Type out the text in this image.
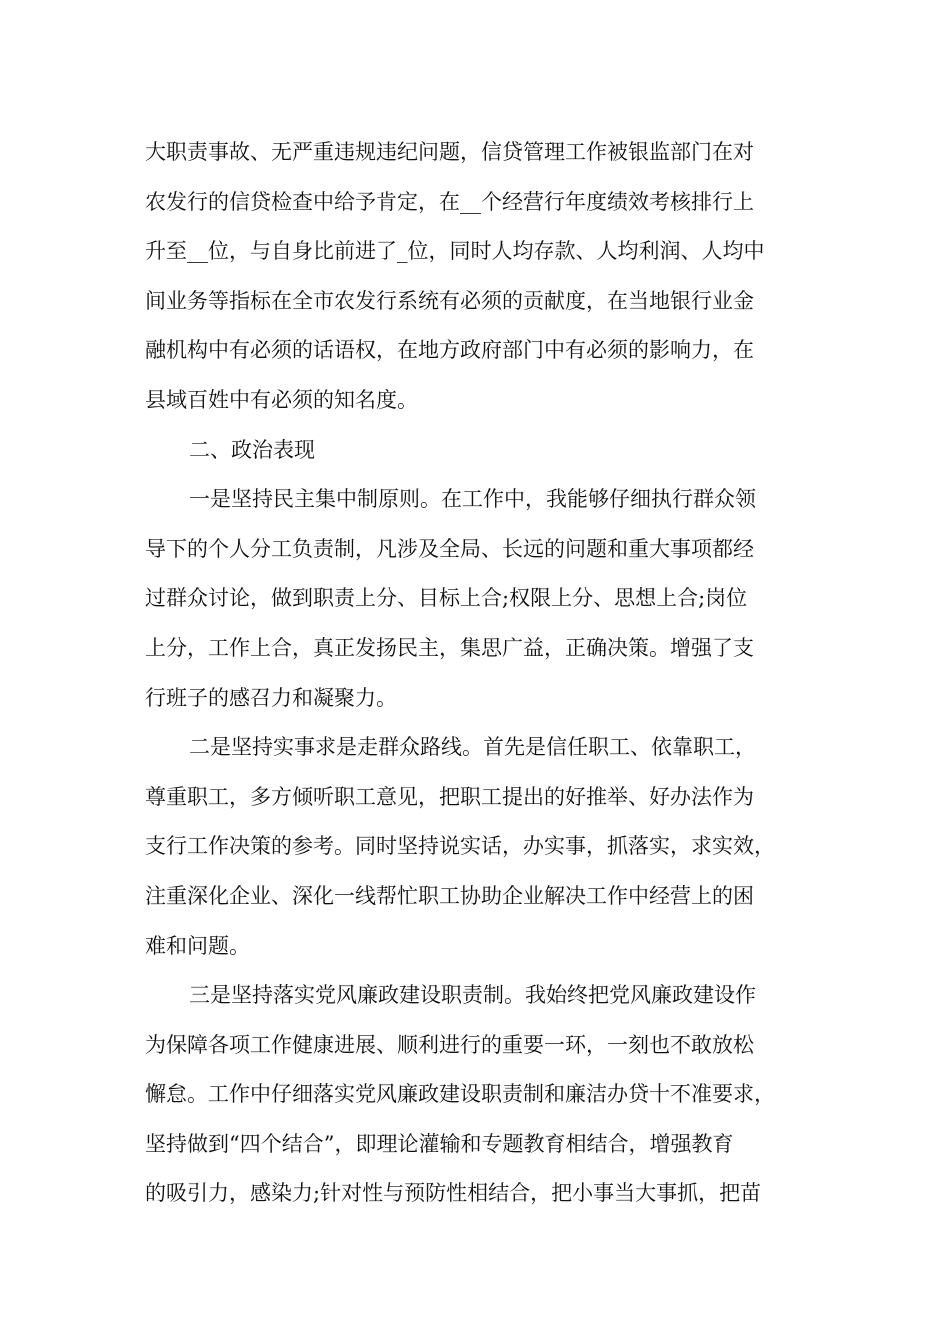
大职责事故、无严重违规违纪问题，信贷管理工作被银监部门在对
农发行的信贷检查中给予肯定，在__个经营行年度绩效考核排行上
升至__位，与自身比前进了_位，同时人均存款、人均利润、人均中
间业务等指标在全市农发行系统有必须的贡献度，在当地银行业金
融机构中有必须的话语权，在地方政府部门中有必须的影响力，在
县域百姓中有必须的知名度。
二、政治表现
一是坚持民主集中制原则。在工作中，我能够仔细执行群众领
导下的个人分工负责制，凡涉及全局、长远的问题和重大事项都经
过群众讨论，做到职责上分、目标上合;权限上分、思想上合;岗位
上分，工作上合，真正发扬民主，集思广益，正确决策。增强了支
行班子的感召力和凝聚力。
二是坚持实事求是走群众路线。首先是信任职工、依靠职工，
尊重职工，多方倾听职工意见，把职工提出的好推举、好办法作为
支行工作决策的参考。同时坚持说实话，办实事，抓落实，求实效，
注重深化企业、深化一线帮忙职工协助企业解决工作中经营上的困
难和问题。
三是坚持落实党风廉政建设职责制。我始终把党风廉政建设作
为保障各项工作健康进展、顺利进行的重要一环，一刻也不敢放松
懈怠。工作中仔细落实党风廉政建设职责制和廉洁办贷十不准要求，
坚持做到“四个结合”，即理论灌输和专题教育相结合，增强教育
的吸引力，感染力;针对性与预防性相结合，把小事当大事抓，把苗
